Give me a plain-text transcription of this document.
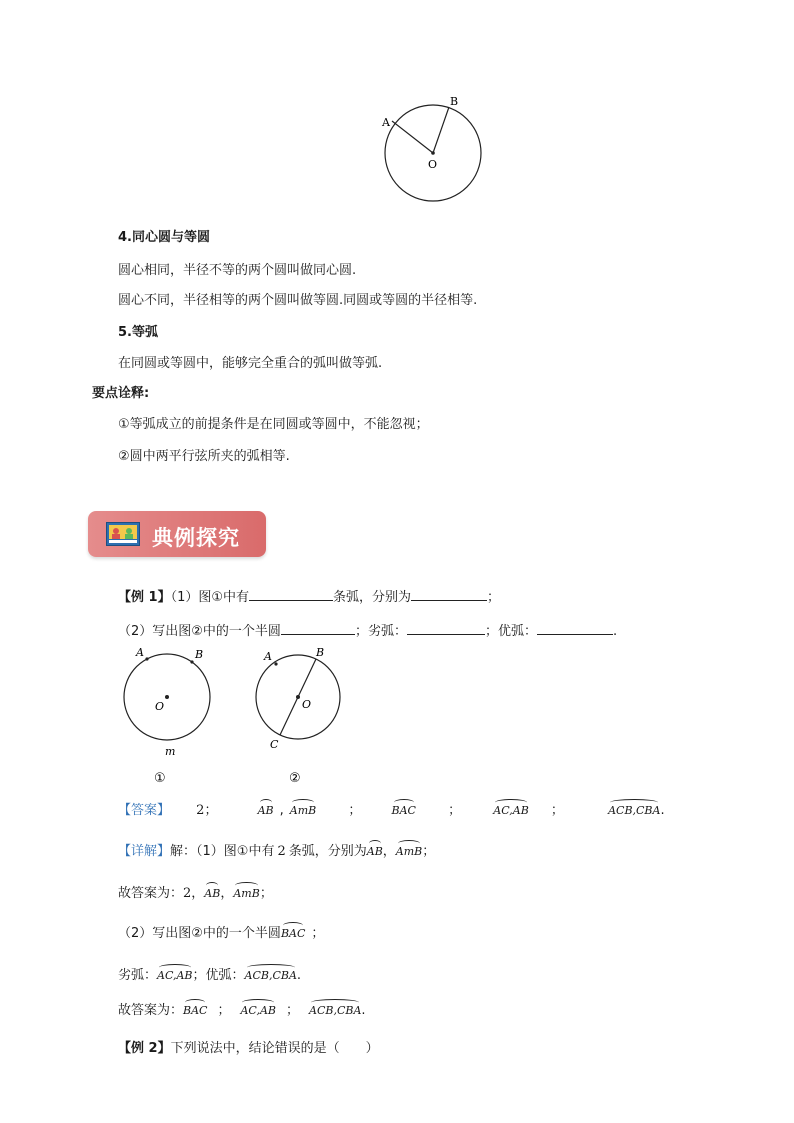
A
B
O
4.同心圆与等圆
圆心相同，半径不等的两个圆叫做同心圆.
圆心不同，半径相等的两个圆叫做等圆.同圆或等圆的半径相等.
5.等弧
在同圆或等圆中，能够完全重合的弧叫做等弧.
要点诠释:
①等弧成立的前提条件是在同圆或等圆中，不能忽视；
②圆中两平行弦所夹的弧相等.
典例探究
【例 1】（1）图①中有	条弧，分别为	；
（2）写出图②中的一个半圆	；劣弧：	；优弧：	.
A	B
O
m
①
A	B
O
C
②
【答案】 2；	AB , AmB ；	BAC ；	AC,AB ；	ACB,CBA.
【详解】解：（1）图①中有 2 条弧，分别为AB，AmB；
故答案为：2，AB，AmB；
（2）写出图②中的一个半圆BAC ；
劣弧：AC,AB；优弧：ACB,CBA.
故答案为：BAC ； AC,AB ； ACB,CBA.
【例 2】下列说法中，结论错误的是（　　）
